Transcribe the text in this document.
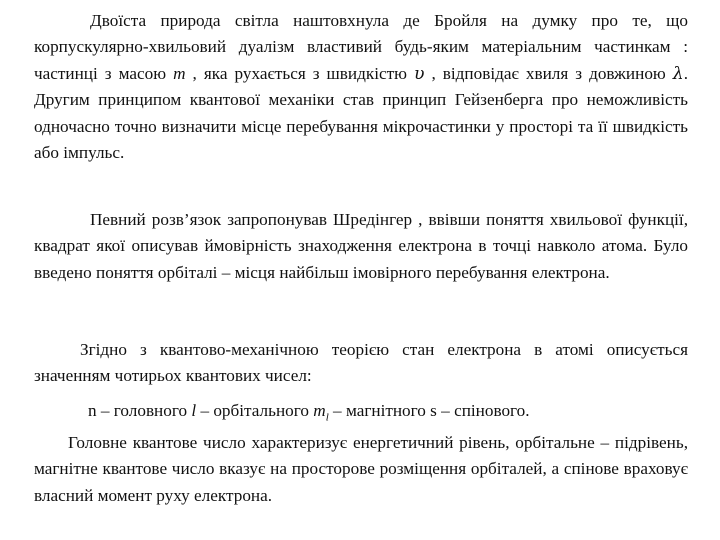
Двоїста природа світла наштовхнула де Бройля на думку про те, що корпускулярно-хвильовий дуалізм властивий будь-яким матеріальним частинкам : частинці з масою m , яка рухається з швидкістю υ , відповідає хвиля з довжиною λ. Другим принципом квантової механіки став принцип Гейзенберга про неможливість одночасно точно визначити місце перебування мікрочастинки у просторі та її швидкість або імпульс.

Певний розв’язок запропонував Шредінгер , ввівши поняття хвильової функції, квадрат якої описував ймовірність знаходження електрона в точці навколо атома. Було введено поняття орбіталі – місця найбільш імовірного перебування електрона.

Згідно з квантово-механічною теорією стан електрона в атомі описується значенням чотирьох квантових чисел:

n – головного l – орбітального $m_l$ – магнітного s – спінового.

Головне квантове число характеризує енергетичний рівень, орбітальне – підрівень, магнітне квантове число вказує на просторове розміщення орбіталей, а спінове враховує власний момент руху електрона.
